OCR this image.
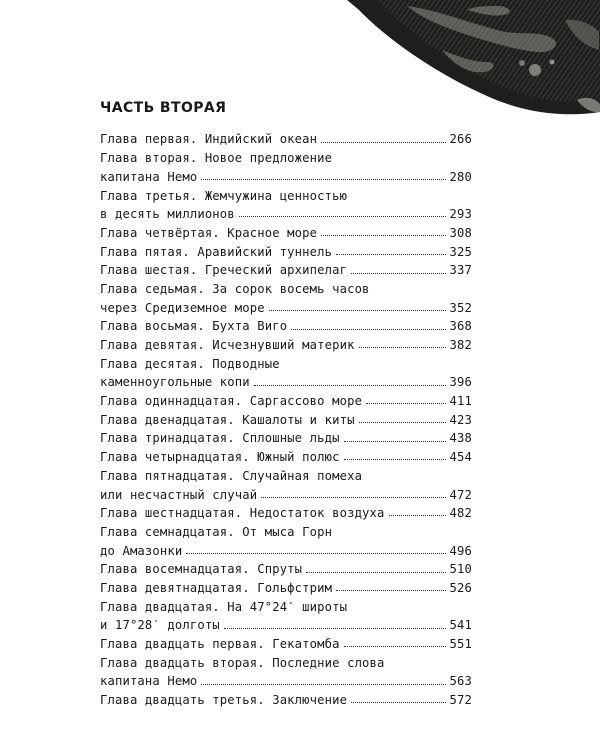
ЧАСТЬ ВТОРАЯ
Глава первая. Индийский океан	266
Глава вторая. Новое предложение
капитана Немо	280
Глава третья. Жемчужина ценностью
в десять миллионов	293
Глава четвёртая. Красное море	308
Глава пятая. Аравийский туннель	325
Глава шестая. Греческий архипелаг	337
Глава седьмая. За сорок восемь часов
через Средиземное море	352
Глава восьмая. Бухта Виго	368
Глава девятая. Исчезнувший материк	382
Глава десятая. Подводные
каменноугольные копи	396
Глава одиннадцатая. Саргассово море	411
Глава двенадцатая. Кашалоты и киты	423
Глава тринадцатая. Сплошные льды	438
Глава четырнадцатая. Южный полюс	454
Глава пятнадцатая. Случайная помеха
или несчастный случай	472
Глава шестнадцатая. Недостаток воздуха	482
Глава семнадцатая. От мыса Горн
до Амазонки	496
Глава восемнадцатая. Спруты	510
Глава девятнадцатая. Гольфстрим	526
Глава двадцатая. На 47°24′ широты
и 17°28′ долготы	541
Глава двадцать первая. Гекатомба	551
Глава двадцать вторая. Последние слова
капитана Немо	563
Глава двадцать третья. Заключение	572
